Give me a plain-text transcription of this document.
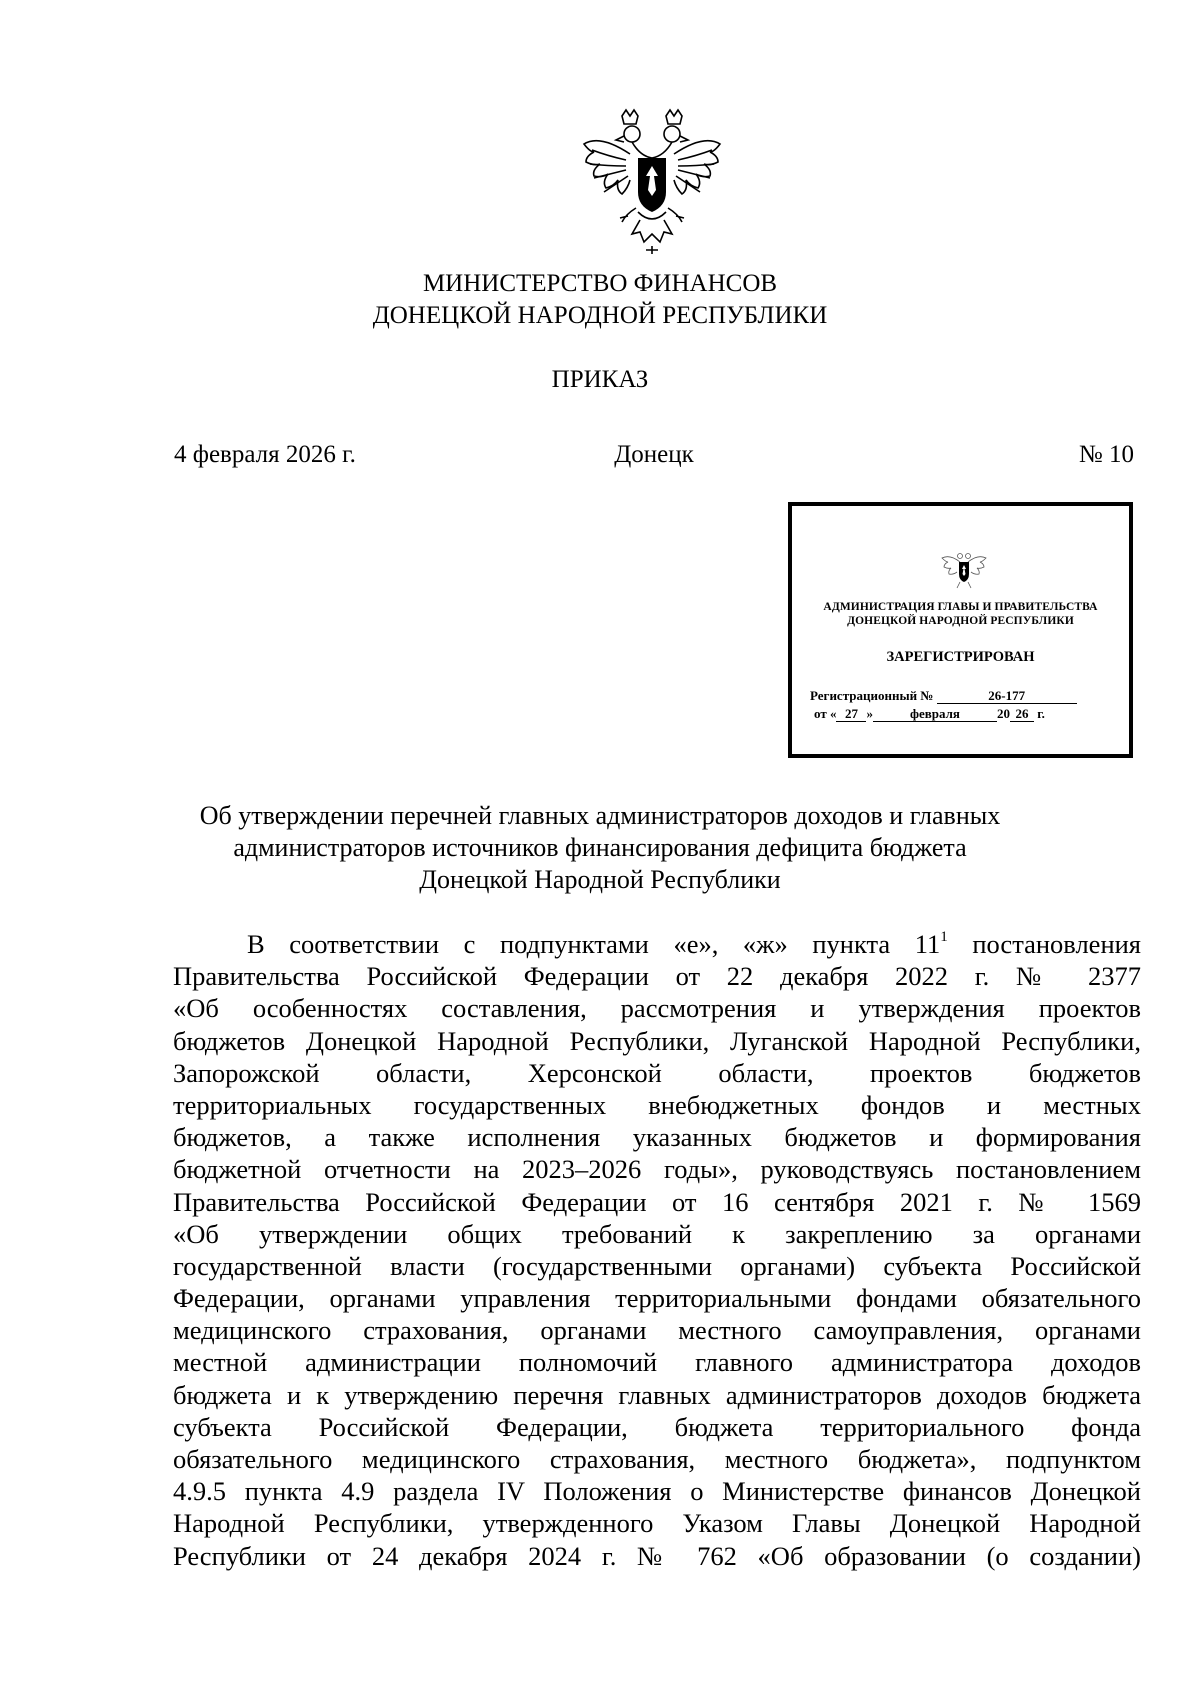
МИНИСТЕРСТВО ФИНАНСОВ
ДОНЕЦКОЙ НАРОДНОЙ РЕСПУБЛИКИ
ПРИКАЗ
4 февраля 2026 г.	Донецк	№ 10
АДМИНИСТРАЦИЯ ГЛАВЫ И ПРАВИТЕЛЬСТВА
ДОНЕЦКОЙ НАРОДНОЙ РЕСПУБЛИКИ
ЗАРЕГИСТРИРОВАН
Регистрационный №	26-177
от « 27 »	февраля	20 26 г.
Об утверждении перечней главных администраторов доходов и главных
администраторов источников финансирования дефицита бюджета
Донецкой Народной Республики
В соответствии с подпунктами «е», «ж» пункта 11$^1$ постановления
Правительства Российской Федерации от 22 декабря 2022 г. № 2377
«Об особенностях составления, рассмотрения и утверждения проектов
бюджетов Донецкой Народной Республики, Луганской Народной Республики,
Запорожской области, Херсонской области, проектов бюджетов
территориальных государственных внебюджетных фондов и местных
бюджетов, а также исполнения указанных бюджетов и формирования
бюджетной отчетности на 2023–2026 годы», руководствуясь постановлением
Правительства Российской Федерации от 16 сентября 2021 г. № 1569
«Об утверждении общих требований к закреплению за органами
государственной власти (государственными органами) субъекта Российской
Федерации, органами управления территориальными фондами обязательного
медицинского страхования, органами местного самоуправления, органами
местной администрации полномочий главного администратора доходов
бюджета и к утверждению перечня главных администраторов доходов бюджета
субъекта Российской Федерации, бюджета территориального фонда
обязательного медицинского страхования, местного бюджета», подпунктом
4.9.5 пункта 4.9 раздела IV Положения о Министерстве финансов Донецкой
Народной Республики, утвержденного Указом Главы Донецкой Народной
Республики от 24 декабря 2024 г. № 762 «Об образовании (о создании)
